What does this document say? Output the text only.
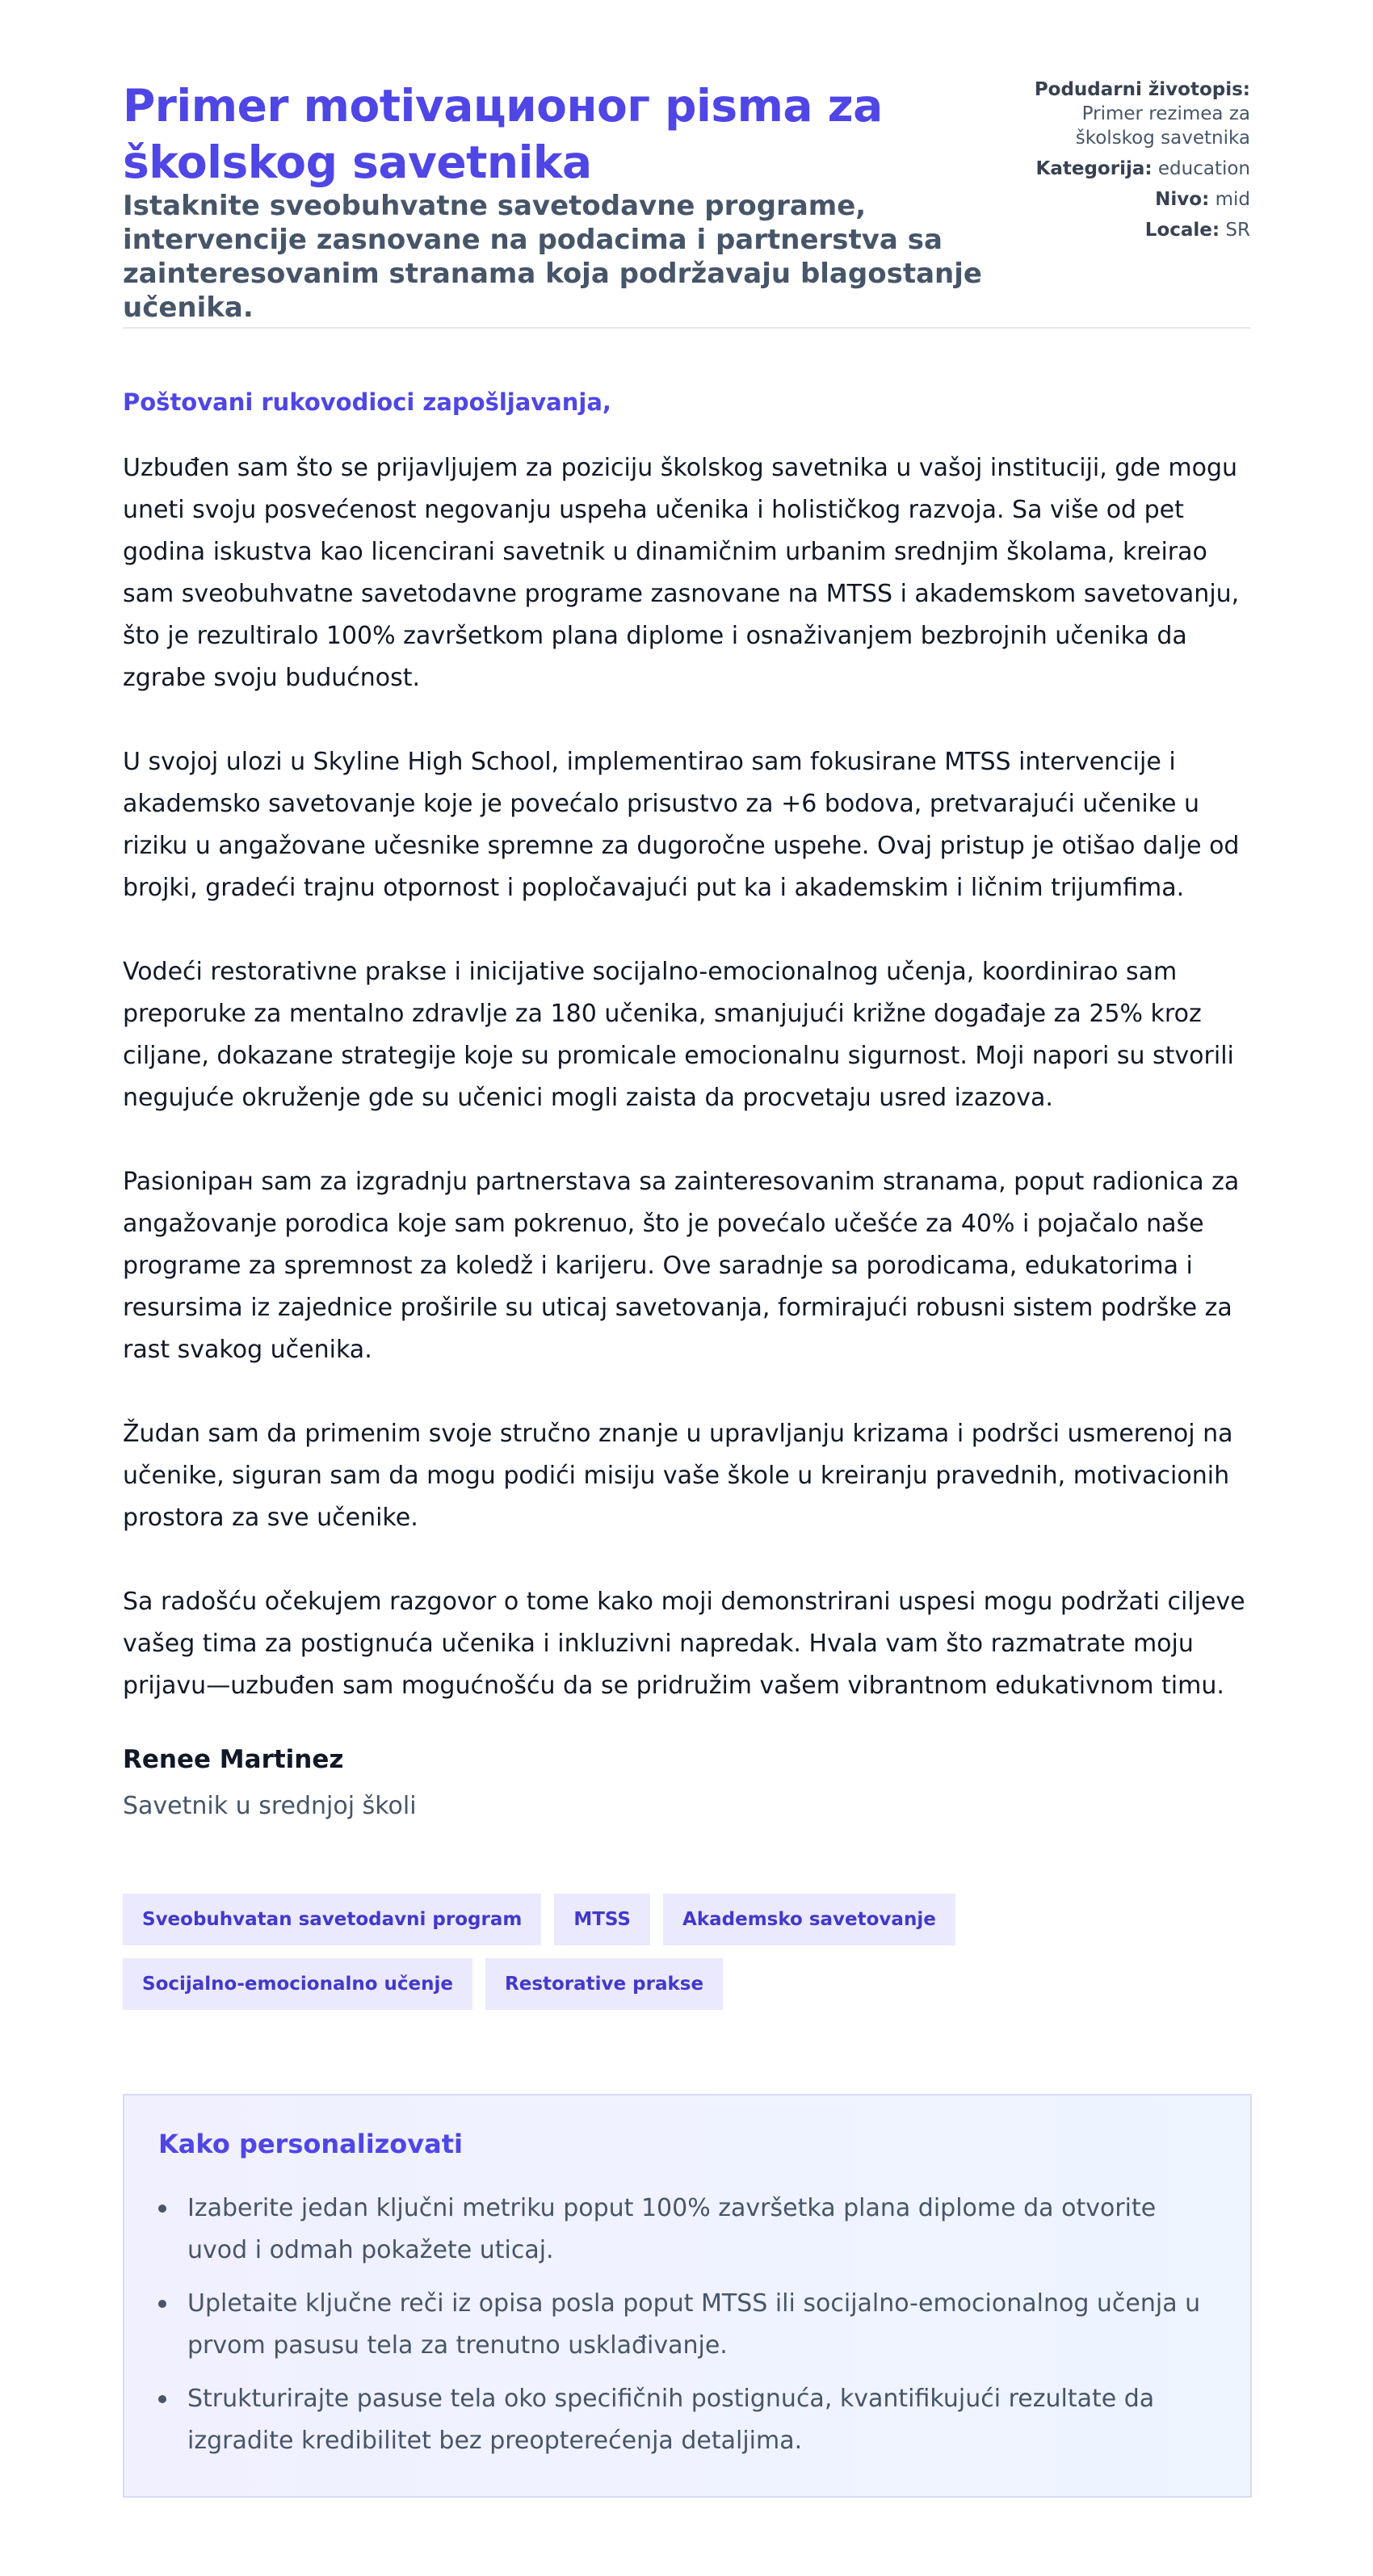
Primer motivaционог pisma za školskog savetnika

Istaknite sveobuhvatne savetodavne programe, intervencije zasnovane na podacima i partnerstva sa zainteresovanim stranama koja podržavaju blagostanje učenika.

Podudarni životopis:
Primer rezimea za školskog savetnika
Kategorija: education
Nivo: mid
Locale: SR

Poštovani rukovodioci zapošljavanja,

Uzbuđen sam što se prijavljujem za poziciju školskog savetnika u vašoj instituciji, gde mogu uneti svoju posvećenost negovanju uspeha učenika i holističkog razvoja. Sa više od pet godina iskustva kao licencirani savetnik u dinamičnim urbanim srednjim školama, kreirao sam sveobuhvatne savetodavne programe zasnovane na MTSS i akademskom savetovanju, što je rezultiralo 100% završetkom plana diplome i osnaživanjem bezbrojnih učenika da zgrabe svoju budućnost.

U svojoj ulozi u Skyline High School, implementirao sam fokusirane MTSS intervencije i akademsko savetovanje koje je povećalo prisustvo za +6 bodova, pretvarajući učenike u riziku u angažovane učesnike spremne za dugoročne uspehe. Ovaj pristup je otišao dalje od brojki, gradeći trajnu otpornost i popločavajući put ka i akademskim i ličnim trijumfima.

Vodeći restorativne prakse i inicijative socijalno-emocionalnog učenja, koordinirao sam preporuke za mentalno zdravlje za 180 učenika, smanjujući križne događaje za 25% kroz ciljane, dokazane strategije koje su promicale emocionalnu sigurnost. Moji napori su stvorili negujuće okruženje gde su učenici mogli zaista da procvetaju usred izazova.

Pasionipaн sam za izgradnju partnerstava sa zainteresovanim stranama, poput radionica za angažovanje porodica koje sam pokrenuo, što je povećalo učešće za 40% i pojačalo naše programe za spremnost za koledž i karijeru. Ove saradnje sa porodicama, edukatorima i resursima iz zajednice proširile su uticaj savetovanja, formirajući robusni sistem podrške za rast svakog učenika.

Žudan sam da primenim svoje stručno znanje u upravljanju krizama i podršci usmerenoj na učenike, siguran sam da mogu podići misiju vaše škole u kreiranju pravednih, motivacionih prostora za sve učenike.

Sa radošću očekujem razgovor o tome kako moji demonstrirani uspesi mogu podržati ciljeve vašeg tima za postignuća učenika i inkluzivni napredak. Hvala vam što razmatrate moju prijavu—uzbuđen sam mogućnošću da se pridružim vašem vibrantnom edukativnom timu.

Renee Martinez

Savetnik u srednjoj školi

Sveobuhvatan savetodavni program	MTSS	Akademsko savetovanje
Socijalno-emocionalno učenje	Restorative prakse
Kako personalizovati
Izaberite jedan ključni metriku poput 100% završetka plana diplome da otvorite uvod i odmah pokažete uticaj.
Upletaite ključne reči iz opisa posla poput MTSS ili socijalno-emocionalnog učenja u prvom pasusu tela za trenutno usklađivanje.
Strukturirajte pasuse tela oko specifičnih postignuća, kvantifikujući rezultate da izgradite kredibilitet bez preopterećenja detaljima.
